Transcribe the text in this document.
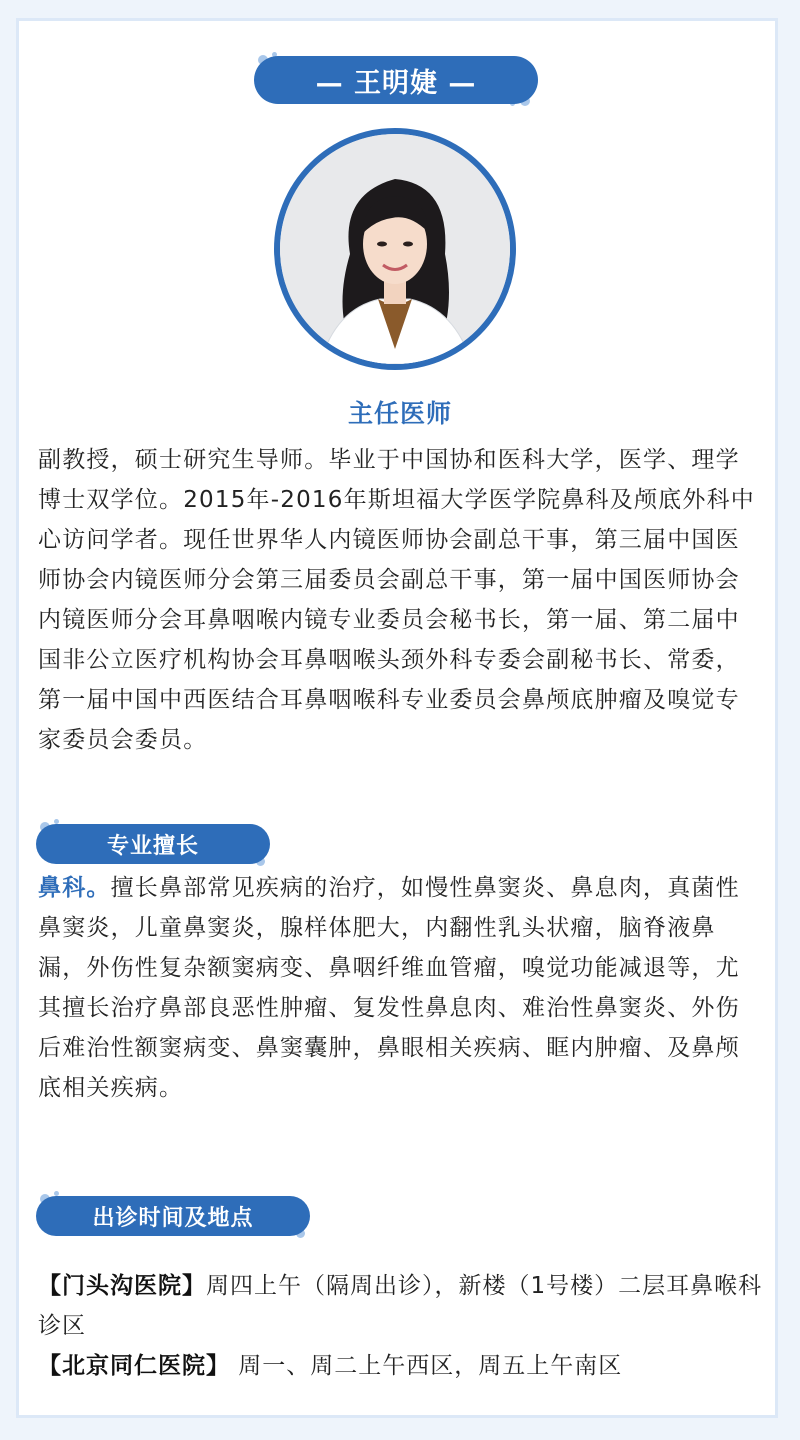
— 王明婕 —
主任医师
副教授，硕士研究生导师。毕业于中国协和医科大学，医学、理学博士双学位。2015年-2016年斯坦福大学医学院鼻科及颅底外科中心访问学者。现任世界华人内镜医师协会副总干事，第三届中国医师协会内镜医师分会第三届委员会副总干事，第一届中国医师协会内镜医师分会耳鼻咽喉内镜专业委员会秘书长，第一届、第二届中国非公立医疗机构协会耳鼻咽喉头颈外科专委会副秘书长、常委，第一届中国中西医结合耳鼻咽喉科专业委员会鼻颅底肿瘤及嗅觉专家委员会委员。
专业擅长
鼻科。擅长鼻部常见疾病的治疗，如慢性鼻窦炎、鼻息肉，真菌性鼻窦炎，儿童鼻窦炎，腺样体肥大，内翻性乳头状瘤，脑脊液鼻漏，外伤性复杂额窦病变、鼻咽纤维血管瘤，嗅觉功能减退等，尤其擅长治疗鼻部良恶性肿瘤、复发性鼻息肉、难治性鼻窦炎、外伤后难治性额窦病变、鼻窦囊肿，鼻眼相关疾病、眶内肿瘤、及鼻颅底相关疾病。
出诊时间及地点
【门头沟医院】周四上午（隔周出诊），新楼（1号楼）二层耳鼻喉科诊区
【北京同仁医院】 周一、周二上午西区，周五上午南区
